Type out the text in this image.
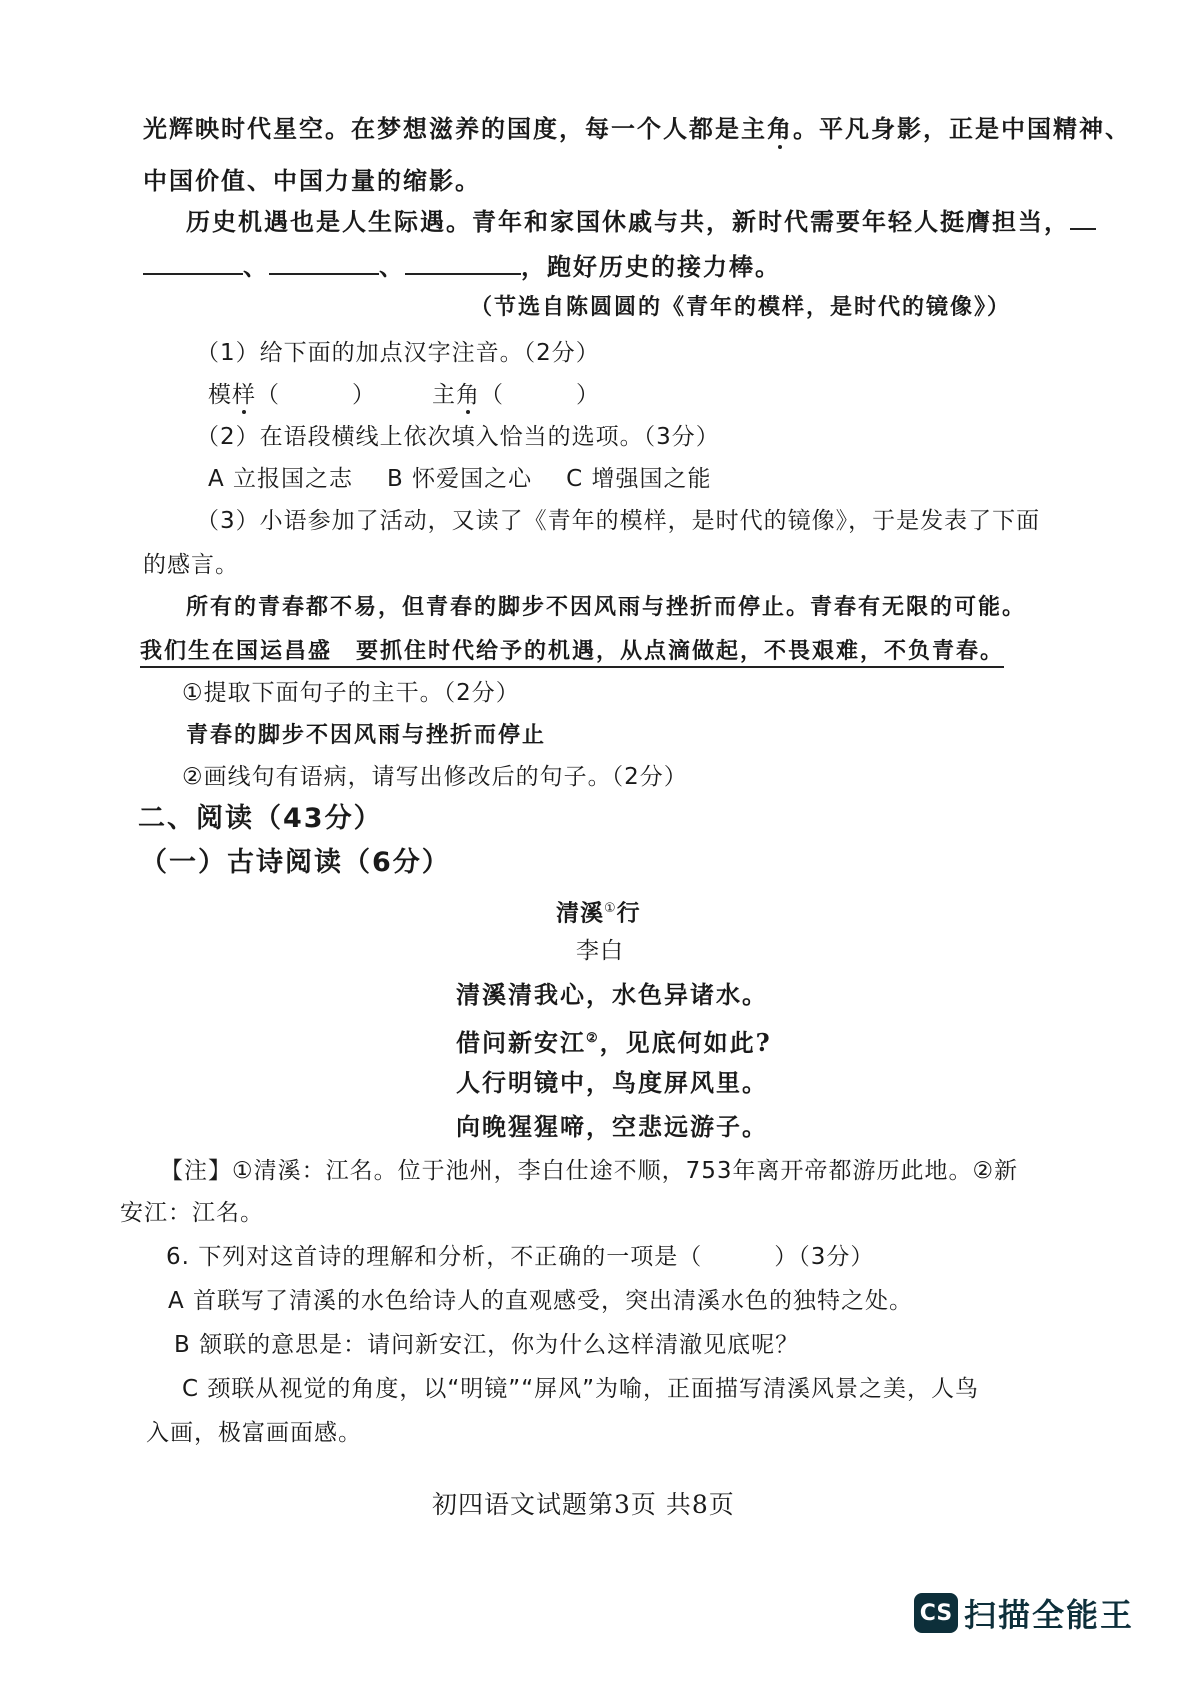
光辉映时代星空。在梦想滋养的国度，每一个人都是主角。平凡身影，正是中国精神、
中国价值、中国力量的缩影。
历史机遇也是人生际遇。青年和家国休戚与共，新时代需要年轻人挺膺担当，
、	、	，跑好历史的接力棒。
（节选自陈圆圆的《青年的模样，是时代的镜像》）
（1）给下面的加点汉字注音。（2分）
模样（　　　） 主角（　　　）
（2）在语段横线上依次填入恰当的选项。（3分）
A 立报国之志 B 怀爱国之心 C 增强国之能
（3）小语参加了活动，又读了《青年的模样，是时代的镜像》，于是发表了下面
的感言。
所有的青春都不易，但青春的脚步不因风雨与挫折而停止。青春有无限的可能。
我们生在国运昌盛　要抓住时代给予的机遇，从点滴做起，不畏艰难，不负青春。
①提取下面句子的主干。（2分）
青春的脚步不因风雨与挫折而停止
②画线句有语病，请写出修改后的句子。（2分）
二、阅读（43分）
（一）古诗阅读（6分）
清溪①行
李白
清溪清我心，水色异诸水。
借问新安江②，见底何如此?
人行明镜中，鸟度屏风里。
向晚猩猩啼，空悲远游子。
【注】①清溪：江名。位于池州，李白仕途不顺，753年离开帝都游历此地。②新
安江：江名。
6. 下列对这首诗的理解和分析，不正确的一项是（　　　）（3分）
A 首联写了清溪的水色给诗人的直观感受，突出清溪水色的独特之处。
B 颔联的意思是：请问新安江，你为什么这样清澈见底呢？
C 颈联从视觉的角度，以“明镜”“屏风”为喻，正面描写清溪风景之美，人鸟
入画，极富画面感。
初四语文试题第3页 共8页
CS 扫描全能王
